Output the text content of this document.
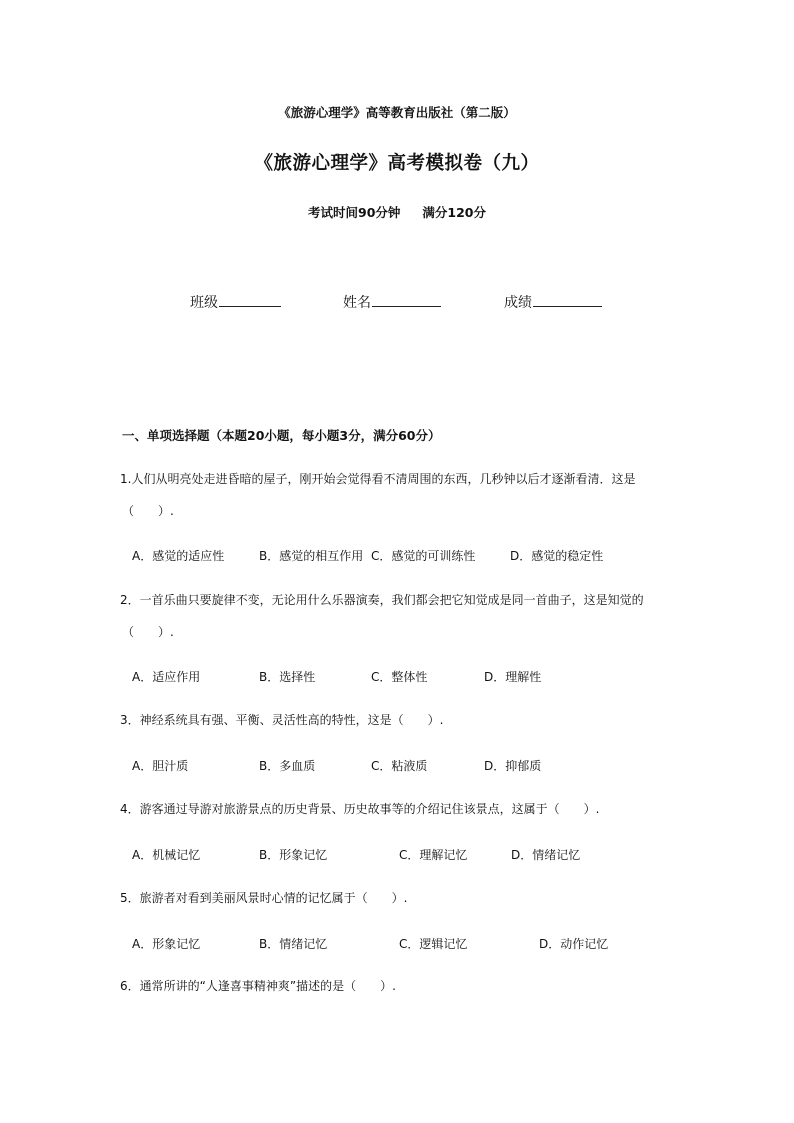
《旅游心理学》高等教育出版社（第二版）
《旅游心理学》高考模拟卷（九）
考试时间90分钟 满分120分
班级	姓名	成绩
一、单项选择题（本题20小题，每小题3分，满分60分）
1.人们从明亮处走进昏暗的屋子，刚开始会觉得看不清周围的东西，几秒钟以后才逐渐看清．这是
（　　）.
A．感觉的适应性	B．感觉的相互作用 C．感觉的可训练性	D．感觉的稳定性
2．一首乐曲只要旋律不变，无论用什么乐器演奏，我们都会把它知觉成是同一首曲子，这是知觉的
（　　）.
A．适应作用	B．选择性	C．整体性	D．理解性
3．神经系统具有强、平衡、灵活性高的特性，这是（　　）.
A．胆汁质	B．多血质	C．粘液质	D．抑郁质
4．游客通过导游对旅游景点的历史背景、历史故事等的介绍记住该景点，这属于（　　）.
A．机械记忆	B．形象记忆	C．理解记忆	D．情绪记忆
5．旅游者对看到美丽风景时心情的记忆属于（　　）.
A．形象记忆	B．情绪记忆	C．逻辑记忆	D．动作记忆
6．通常所讲的“人逢喜事精神爽”描述的是（　　）.
